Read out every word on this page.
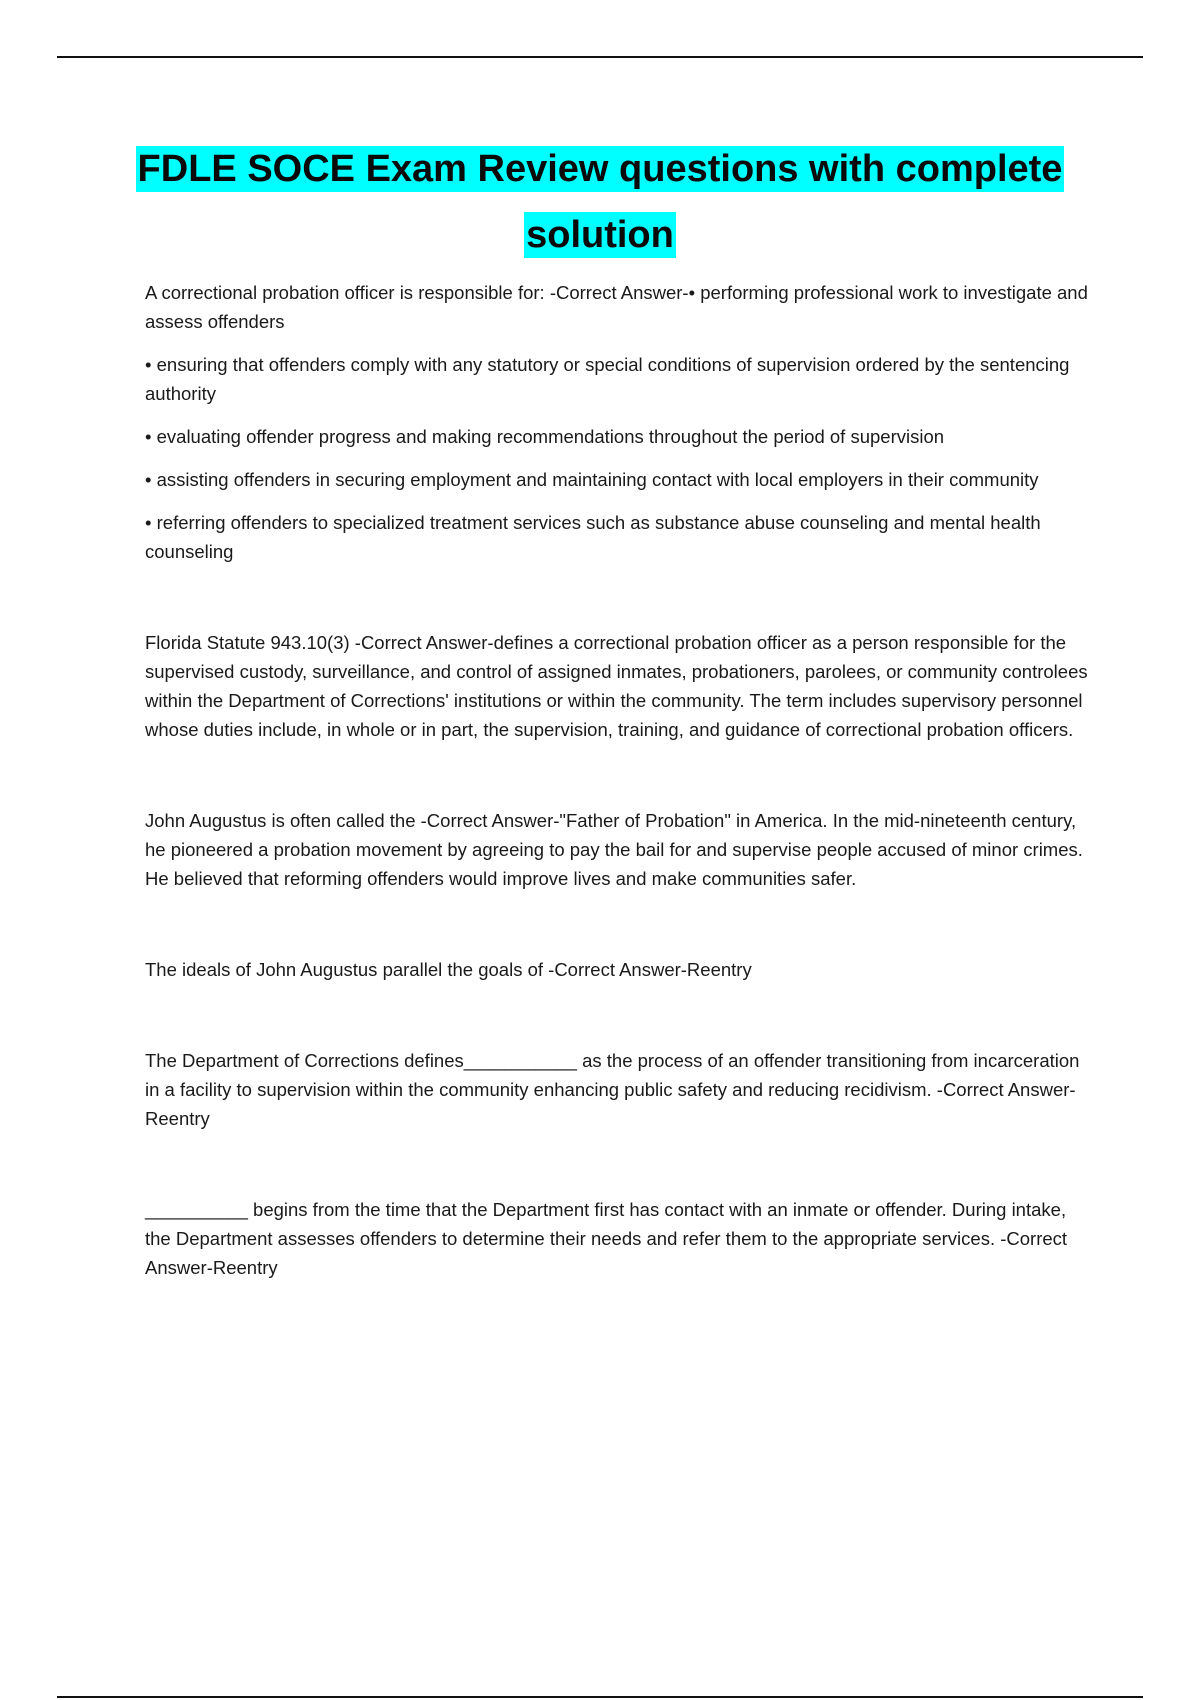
FDLE SOCE Exam Review questions with complete
solution

A correctional probation officer is responsible for: -Correct Answer-• performing professional work to investigate and assess offenders

• ensuring that offenders comply with any statutory or special conditions of supervision ordered by the sentencing authority

• evaluating offender progress and making recommendations throughout the period of supervision

• assisting offenders in securing employment and maintaining contact with local employers in their community

• referring offenders to specialized treatment services such as substance abuse counseling and mental health counseling

Florida Statute 943.10(3) -Correct Answer-defines a correctional probation officer as a person responsible for the supervised custody, surveillance, and control of assigned inmates, probationers, parolees, or community controlees within the Department of Corrections' institutions or within the community. The term includes supervisory personnel whose duties include, in whole or in part, the supervision, training, and guidance of correctional probation officers.

John Augustus is often called the -Correct Answer-"Father of Probation" in America. In the mid-nineteenth century, he pioneered a probation movement by agreeing to pay the bail for and supervise people accused of minor crimes. He believed that reforming offenders would improve lives and make communities safer.

The ideals of John Augustus parallel the goals of -Correct Answer-Reentry

The Department of Corrections defines___________ as the process of an offender transitioning from incarceration in a facility to supervision within the community enhancing public safety and reducing recidivism. -Correct Answer-Reentry

__________ begins from the time that the Department first has contact with an inmate or offender. During intake, the Department assesses offenders to determine their needs and refer them to the appropriate services. -Correct Answer-Reentry
